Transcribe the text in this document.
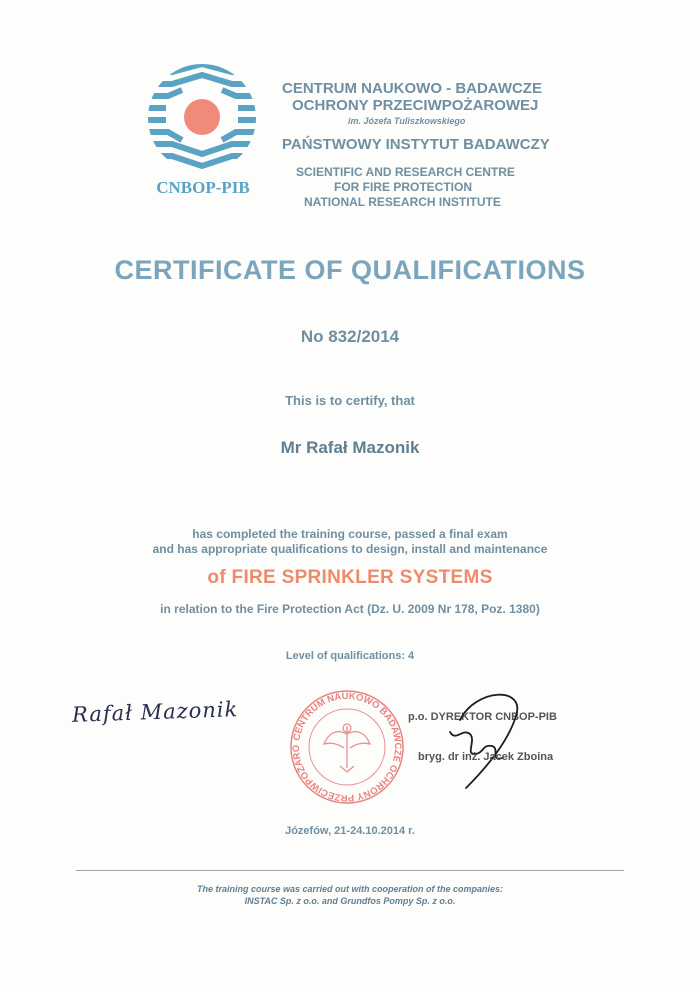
CNBOP-PIB
CENTRUM NAUKOWO - BADAWCZE
OCHRONY PRZECIWPOŻAROWEJ
im. Józefa Tuliszkowskiego
PAŃSTWOWY INSTYTUT BADAWCZY
SCIENTIFIC AND RESEARCH CENTRE
FOR FIRE PROTECTION
NATIONAL RESEARCH INSTITUTE
CERTIFICATE OF QUALIFICATIONS
No 832/2014
This is to certify, that
Mr Rafał Mazonik
has completed the training course, passed a final exam
and has appropriate qualifications to design, install and maintenance
of FIRE SPRINKLER SYSTEMS
in relation to the Fire Protection Act (Dz. U. 2009 Nr 178, Poz. 1380)
Level of qualifications: 4
Rafał Mazonik
CENTRUM NAUKOWO BADAWCZE OCHRONY PRZECIWPOŻARO
p.o. DYREKTOR CNBOP-PIB
bryg. dr inż. Jacek Zboina
Józefów, 21-24.10.2014 r.
The training course was carried out with cooperation of the companies:
INSTAC Sp. z o.o. and Grundfos Pompy Sp. z o.o.
